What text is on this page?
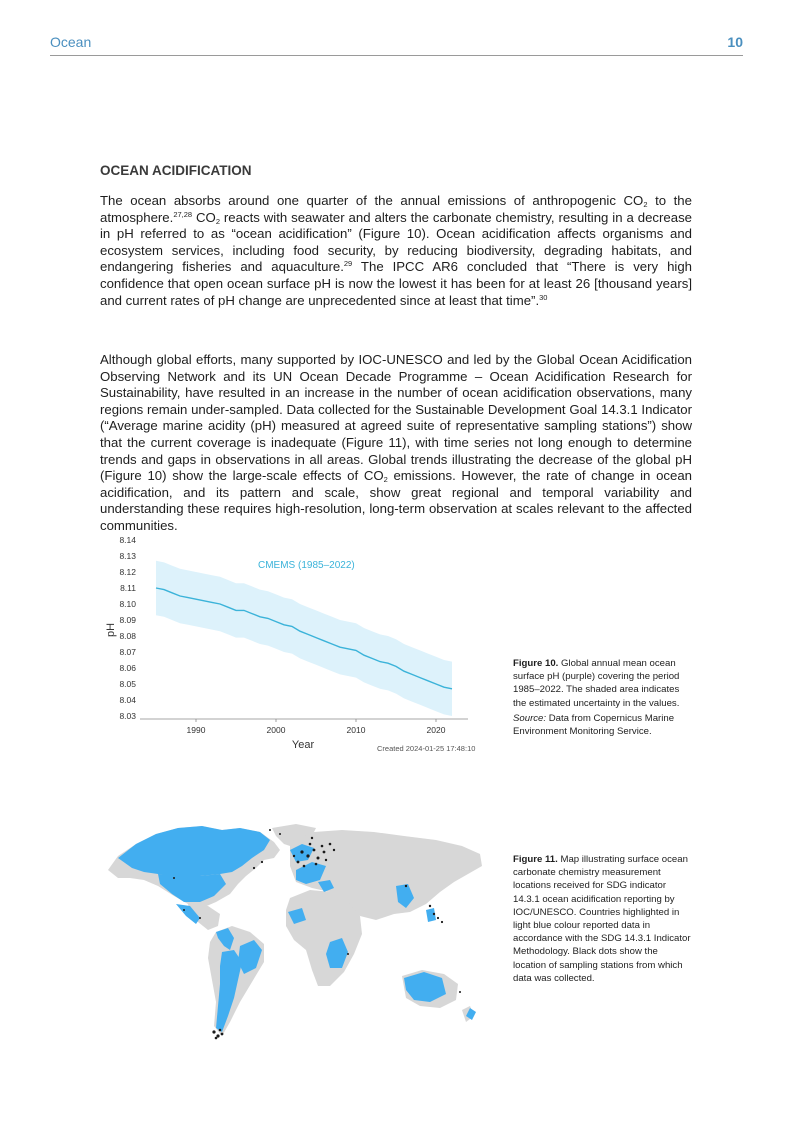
Ocean	10
OCEAN ACIDIFICATION

The ocean absorbs around one quarter of the annual emissions of anthropogenic $CO_2$ to the atmosphere.$^{27,28}$ $CO_2$ reacts with seawater and alters the carbonate chemistry, resulting in a decrease in pH referred to as “ocean acidification” (Figure 10). Ocean acidification affects organisms and ecosystem services, including food security, by reducing biodiversity, degrading habitats, and endangering fisheries and aquaculture.$^{29}$ The IPCC AR6 concluded that “There is very high confidence that open ocean surface pH is now the lowest it has been for at least 26 [thousand years] and current rates of pH change are unprecedented since at least that time”.$^{30}$

Although global efforts, many supported by IOC-UNESCO and led by the Global Ocean Acidification Observing Network and its UN Ocean Decade Programme – Ocean Acidification Research for Sustainability, have resulted in an increase in the number of ocean acidification observations, many regions remain under-sampled. Data collected for the Sustainable Development Goal 14.3.1 Indicator (“Average marine acidity (pH) measured at agreed suite of representative sampling stations”) show that the current coverage is inadequate (Figure 11), with time series not long enough to determine trends and gaps in observations in all areas. Global trends illustrating the decrease of the global pH (Figure 10) show the large-scale effects of $CO_2$ emissions. However, the rate of change in ocean acidification, and its pattern and scale, show great regional and temporal variability and understanding these requires high-resolution, long-term observation at scales relevant to the affected communities.

8.14
8.13
8.12
8.11
8.10
8.09
8.08
8.07
8.06
8.05
8.04
8.03
1990	2000	2010	2020
pH
Year
CMEMS (1985–2022)
Created 2024-01-25 17:48:10
Figure 10. Global annual mean ocean surface pH (purple) covering the period 1985–2022. The shaded area indicates the estimated uncertainty in the values.
Source: Data from Copernicus Marine Environment Monitoring Service.
Figure 11. Map illustrating surface ocean carbonate chemistry measurement locations received for SDG indicator 14.3.1 ocean acidification reporting by IOC/UNESCO. Countries highlighted in light blue colour reported data in accordance with the SDG 14.3.1 Indicator Methodology. Black dots show the location of sampling stations from which data was collected.
